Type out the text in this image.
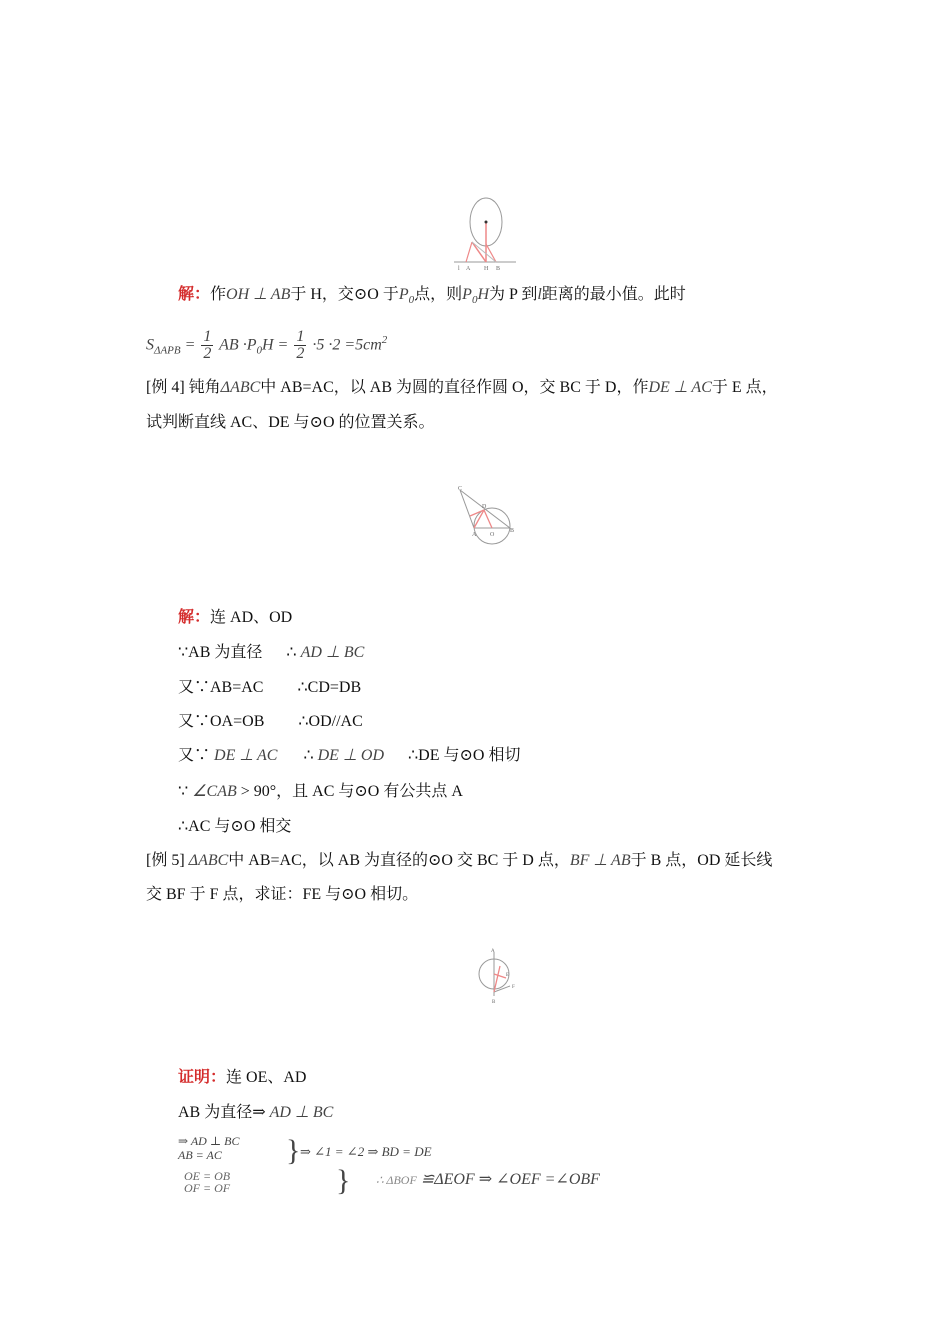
l A H B
解：作OH ⊥ AB于 H，交⊙O 于$P_0$点，则$P_0H$为 P 到l距离的最小值。此时
$S_{\Delta APB} = \frac{1}{2}$ AB $\cdot P_0H = \frac{1}{2} \cdot 5 \cdot 2 =5cm^2$
[例 4] 钝角ΔABC中 AB=AC，以 AB 为圆的直径作圆 O，交 BC 于 D，作DE ⊥ AC于 E 点，
试判断直线 AC、DE 与⊙O 的位置关系。
C
D
A O
B
解：连 AD、OD
∵AB 为直径 ∴ AD ⊥ BC
又∵AB=AC ∴CD=DB
又∵OA=OB ∴OD//AC
又∵ DE ⊥ AC ∴ DE ⊥ OD ∴DE 与⊙O 相切
∵ ∠CAB > 90°，且 AC 与⊙O 有公共点 A
∴AC 与⊙O 相交
[例 5] ΔABC中 AB=AC，以 AB 为直径的⊙O 交 BC 于 D 点，BF ⊥ AB于 B 点，OD 延长线
交 BF 于 F 点，求证：FE 与⊙O 相切。
A
E
F
B
证明：连 OE、AD
AB 为直径⇒ AD ⊥ BC
⇒ AD ⊥ BC
AB = AC	} ⇒ ∠1 = ∠2 ⇒ BD = DE
OE = OB
OF = OF	} ∴ ΔBOF ≌ΔEOF ⇒ ∠OEF =∠OBF
